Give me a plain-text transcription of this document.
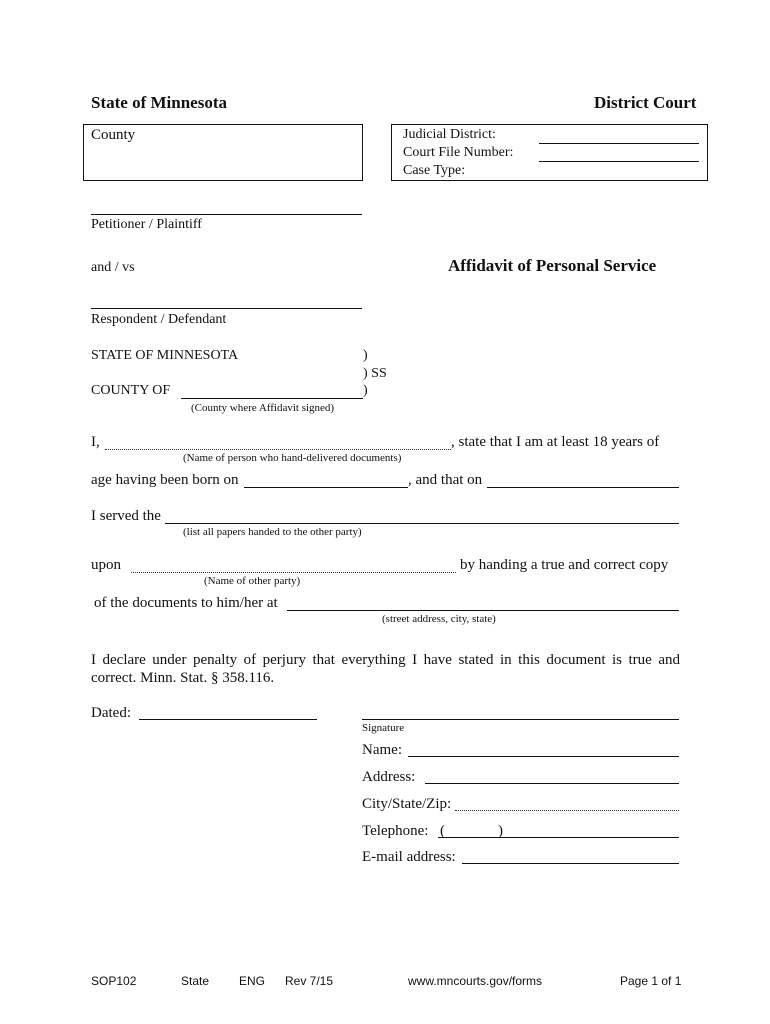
State of Minnesota	District Court
County	Judicial District:
Court File Number:
Case Type:
Petitioner / Plaintiff
and / vs	Affidavit of Personal Service
Respondent / Defendant
STATE OF MINNESOTA	)
) SS
COUNTY OF	)
(County where Affidavit signed)
I,	, state that I am at least 18 years of
(Name of person who hand-delivered documents)
age having been born on	, and that on
I served the
(list all papers handed to the other party)
upon	by handing a true and correct copy
(Name of other party)
of the documents to him/her at
(street address, city, state)
I declare under penalty of perjury that everything I have stated in this document is true and correct. Minn. Stat. § 358.116.
Dated:
Signature
Name:
Address:
City/State/Zip:
Telephone: (	)
E-mail address:
SOP102	State ENG Rev 7/15	www.mncourts.gov/forms	Page 1 of 1
